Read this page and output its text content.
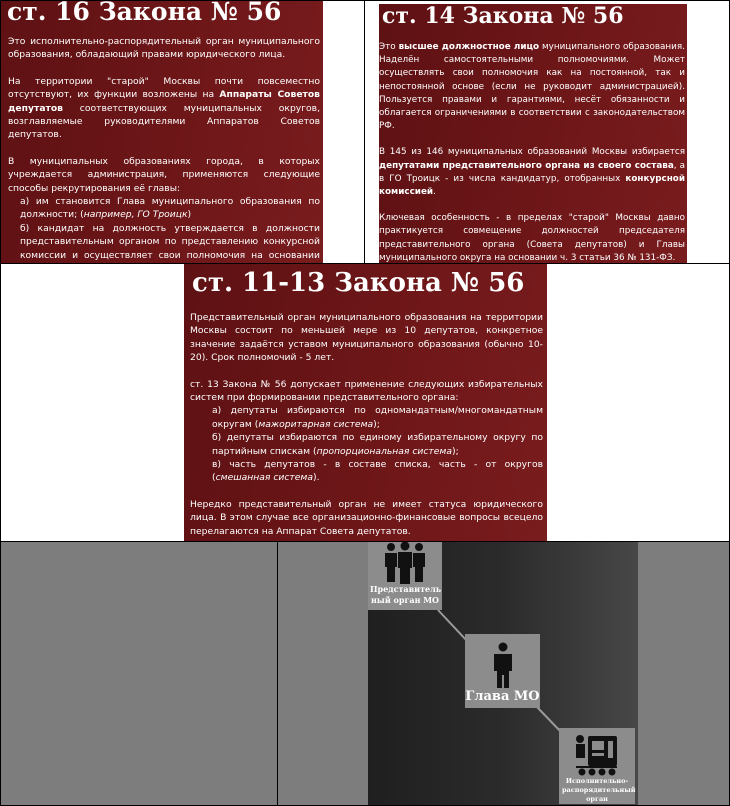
ст. 16 Закона № 56

Это исполнительно-распорядительный орган муниципального образования, обладающий правами юридического лица.

На территории "старой" Москвы почти повсеместно отсутствуют, их функции возложены на Аппараты Советов депутатов соответствующих муниципальных округов, возглавляемые руководителями Аппаратов Советов депутатов.

В муниципальных образованиях города, в которых учреждается администрация, применяются следующие способы рекрутирования её главы:

а) им становится Глава муниципального образования по должности; (например, ГО Троицк)

б) кандидат на должность утверждается в должности представительным органом по представлению конкурсной комиссии и осуществляет свои полномочия на основании

ст. 14 Закона № 56

Это высшее должностное лицо муниципального образования. Наделён самостоятельными полномочиями. Может осуществлять свои полномочия как на постоянной, так и непостоянной основе (если не руководит администрацией). Пользуется правами и гарантиями, несёт обязанности и облагается ограничениями в соответствии с законодательством РФ.

В 145 из 146 муниципальных образований Москвы избирается депутатами представительного органа из своего состава, а в ГО Троицк - из числа кандидатур, отобранных конкурсной комиссией.

Ключевая особенность - в пределах "старой" Москвы давно практикуется совмещение должностей председателя представительного органа (Совета депутатов) и Главы муниципального округа на основании ч. 3 статьи 36 № 131-ФЗ.

ст. 11-13 Закона № 56

Представительный орган муниципального образования на территории Москвы состоит по меньшей мере из 10 депутатов, конкретное значение задаётся уставом муниципального образования (обычно 10-20). Срок полномочий - 5 лет.

ст. 13 Закона № 56 допускает применение следующих избирательных систем при формировании представительного органа:

а) депутаты избираются по одномандатным/многомандатным округам (мажоритарная система);

б) депутаты избираются по единому избирательному округу по партийным спискам (пропорциональная система);

в) часть депутатов - в составе списка, часть - от округов (смешанная система).

Нередко представительный орган не имеет статуса юридического лица. В этом случае все организационно-финансовые вопросы всецело перелагаются на Аппарат Совета депутатов.

Представитель ный орган МО
Глава МО
Исполнительно-распорядительный орган
